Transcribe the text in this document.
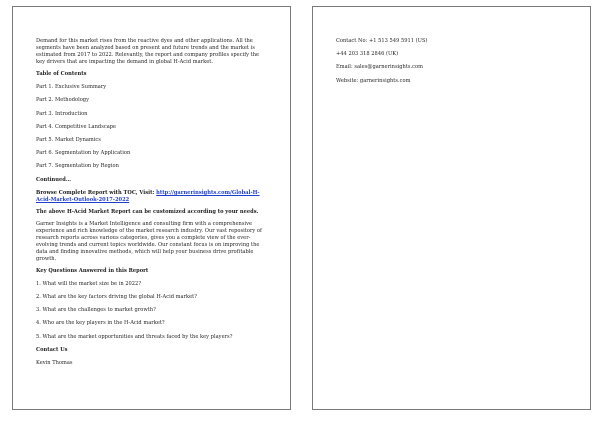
Demand for this market rises from the reactive dyes and other applications. All the segments have been analyzed based on present and future trends and the market is estimated from 2017 to 2022. Relevantly, the report and company profiles specify the key drivers that are impacting the demand in global H-Acid market.

Table of Contents

Part 1. Exclusive Summary

Part 2. Methodology

Part 3. Introduction

Part 4. Competitive Landscape

Part 5. Market Dynamics

Part 6. Segmentation by Application

Part 7. Segmentation by Region

Continued…

Browse Complete Report with TOC, Visit: http://garnerinsights.com/Global-H-Acid-Market-Outlook-2017-2022

The above H-Acid Market Report can be customized according to your needs.

Garner Insights is a Market Intelligence and consulting firm with a comprehensive experience and rich knowledge of the market research industry. Our vast repository of research reports across various categories, gives you a complete view of the ever-evolving trends and current topics worldwide. Our constant focus is on improving the data and finding innovative methods, which will help your business drive profitable growth.

Key Questions Answered in this Report

1. What will the market size be in 2022?

2. What are the key factors driving the global H-Acid market?

3. What are the challenges to market growth?

4. Who are the key players in the H-Acid market?

5. What are the market opportunities and threats faced by the key players?

Contact Us

Kevin Thomas

Contact No: +1 513 549 5911 (US)

+44 203 318 2846 (UK)

Email: sales@garnerinsights.com

Website: garnerinsights.com
